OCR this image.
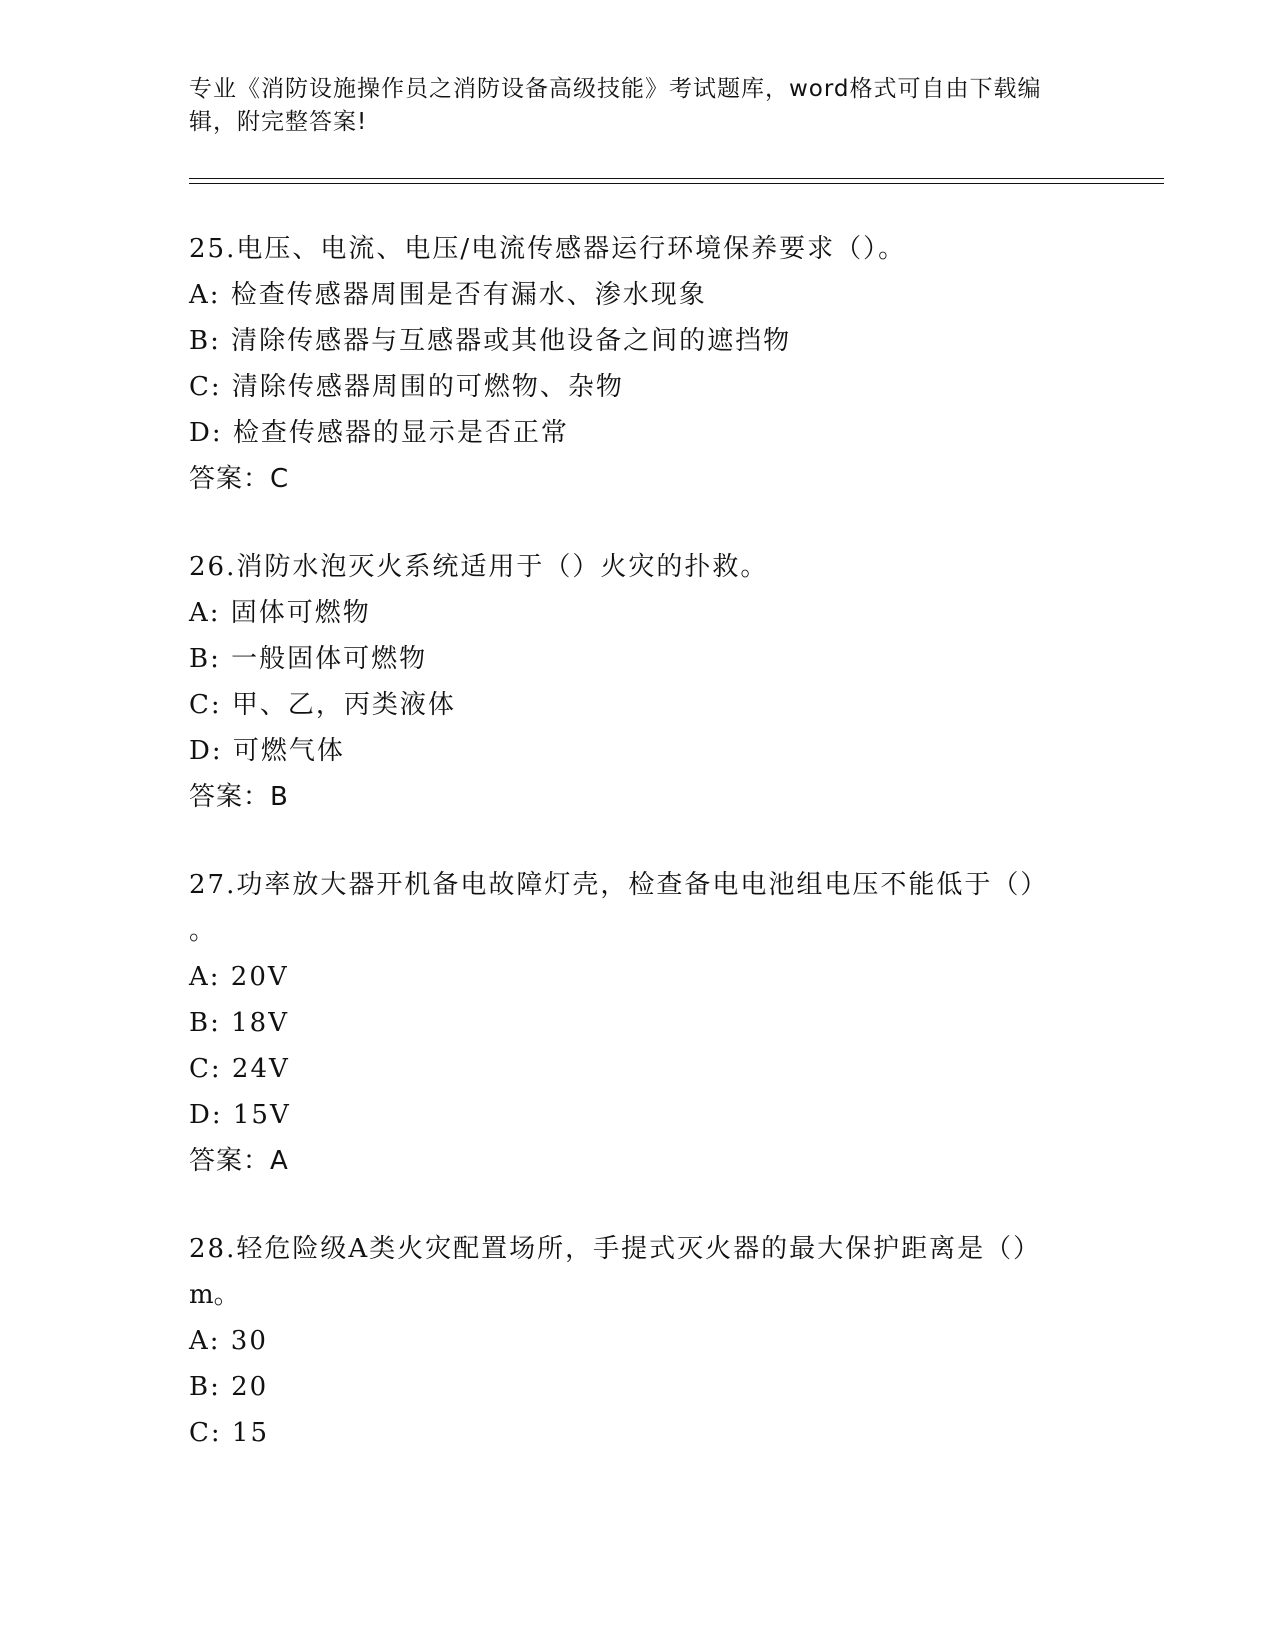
专业《消防设施操作员之消防设备高级技能》考试题库，word格式可自由下载编
辑，附完整答案!
25.电压、电流、电压/电流传感器运行环境保养要求（）。
A: 检查传感器周围是否有漏水、渗水现象
B: 清除传感器与互感器或其他设备之间的遮挡物
C: 清除传感器周围的可燃物、杂物
D: 检查传感器的显示是否正常
答案：C
26.消防水泡灭火系统适用于（）火灾的扑救。
A: 固体可燃物
B: 一般固体可燃物
C: 甲、乙，丙类液体
D: 可燃气体
答案：B
27.功率放大器开机备电故障灯壳，检查备电电池组电压不能低于（）
。
A: 20V
B: 18V
C: 24V
D: 15V
答案：A
28.轻危险级A类火灾配置场所，手提式灭火器的最大保护距离是（）
m。
A: 30
B: 20
C: 15
